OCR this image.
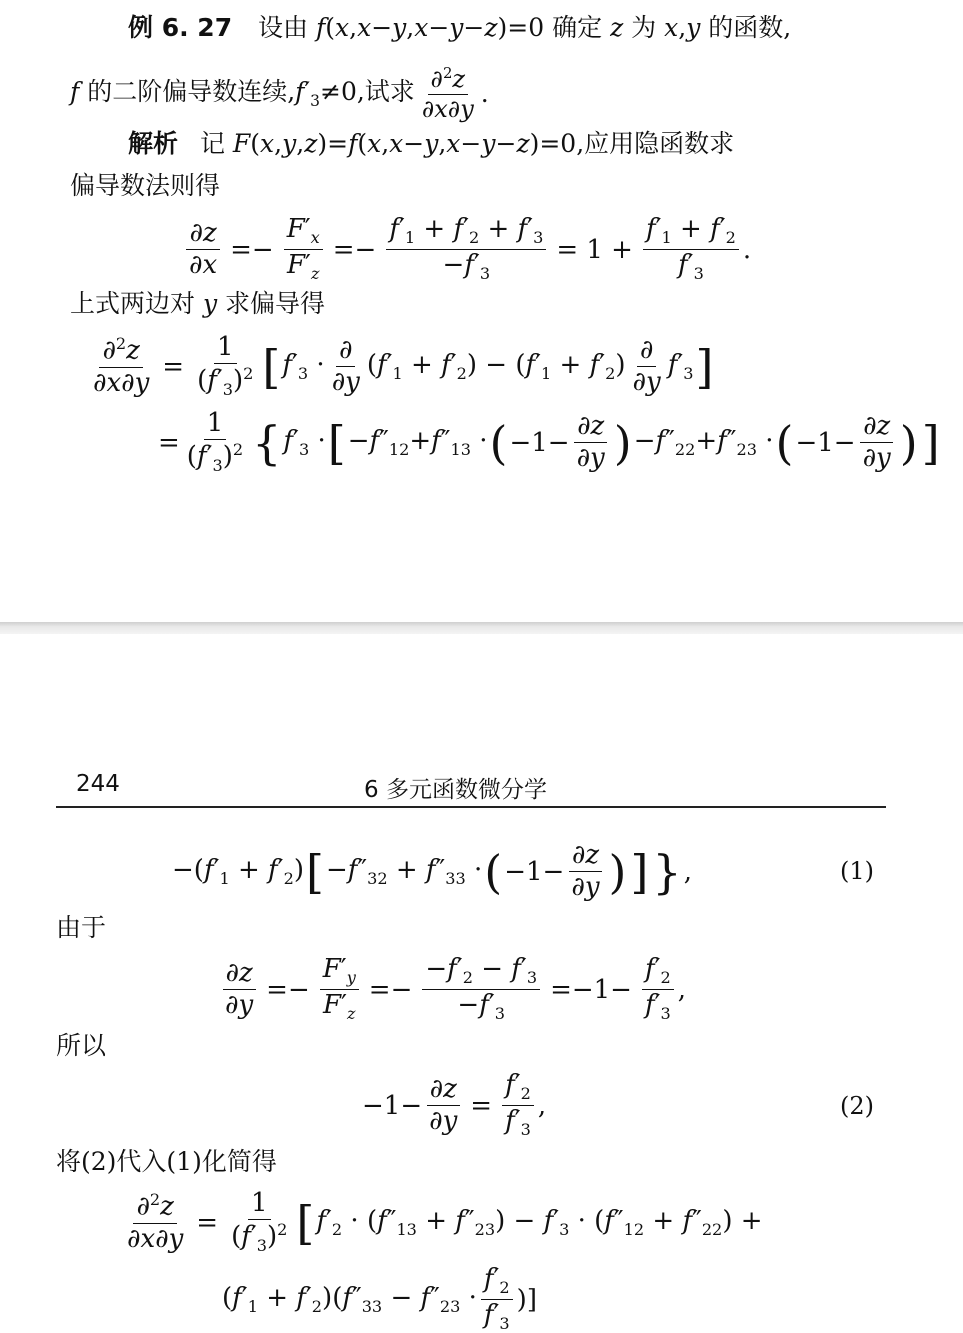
例 6. 27 设由 f(x,x−y,x−y−z)=0 确定 z 为 x,y 的函数,
f 的二阶偏导数连续$,f'_3\ne 0$,试求 $\frac{\partial^2z}{\partial x\partial y}$ .
解析 记 F(x,y,z)=f(x,x−y,x−y−z)=0,应用隐函数求
偏导数法则得
$\frac{\partial z}{\partial x} =- \frac{F'_x}{F'_z} =- \frac{f'_1 + f'_2 + f'_3}{-f'_3} = 1 + \frac{f'_1 + f'_2}{f'_3}$ .
上式两边对 y 求偏导得
$\frac{\partial^2z}{\partial x\partial y} = \frac{1}{(f'_3)^2}$ [ $f'_3 \cdot \frac{\partial}{\partial y} (f'_1 + f'_2) - (f'_1 + f'_2) \frac{\partial}{\partial y} f'_3$ ]
= $\frac{1}{(f'_3)^2}$ { $f'_3$ · [ $-f''_{12}+f''_{13}$ · ( $-1- \frac{\partial z}{\partial y}$ ) $-f''_{22}+f''_{23}$ · ( $-1- \frac{\partial z}{\partial y}$ ) ]
244	6 多元函数微分学
$-(f'_1 + f'_2)$ [ $-f''_{32} + f''_{33}$ · ( $-1- \frac{\partial z}{\partial y}$ ) ] } ,	(1)
由于
$\frac{\partial z}{\partial y} =- \frac{F'_y}{F'_z} =- \frac{-f'_2 - f'_3}{-f'_3} =-1- \frac{f'_2}{f'_3}$ ,
所以
$-1- \frac{\partial z}{\partial y} = \frac{f'_2}{f'_3}$ ,	(2)
将(2)代入(1)化简得
$\frac{\partial^2z}{\partial x\partial y} = \frac{1}{(f'_3)^2}$ [ $f'_2 \cdot (f''_{13} + f''_{23}) - f'_3 \cdot (f''_{12} + f''_{22})$ +
$(f'_1 + f'_2)(f''_{33} - f''_{23} \cdot \frac{f'_2}{f'_3}$ )]
